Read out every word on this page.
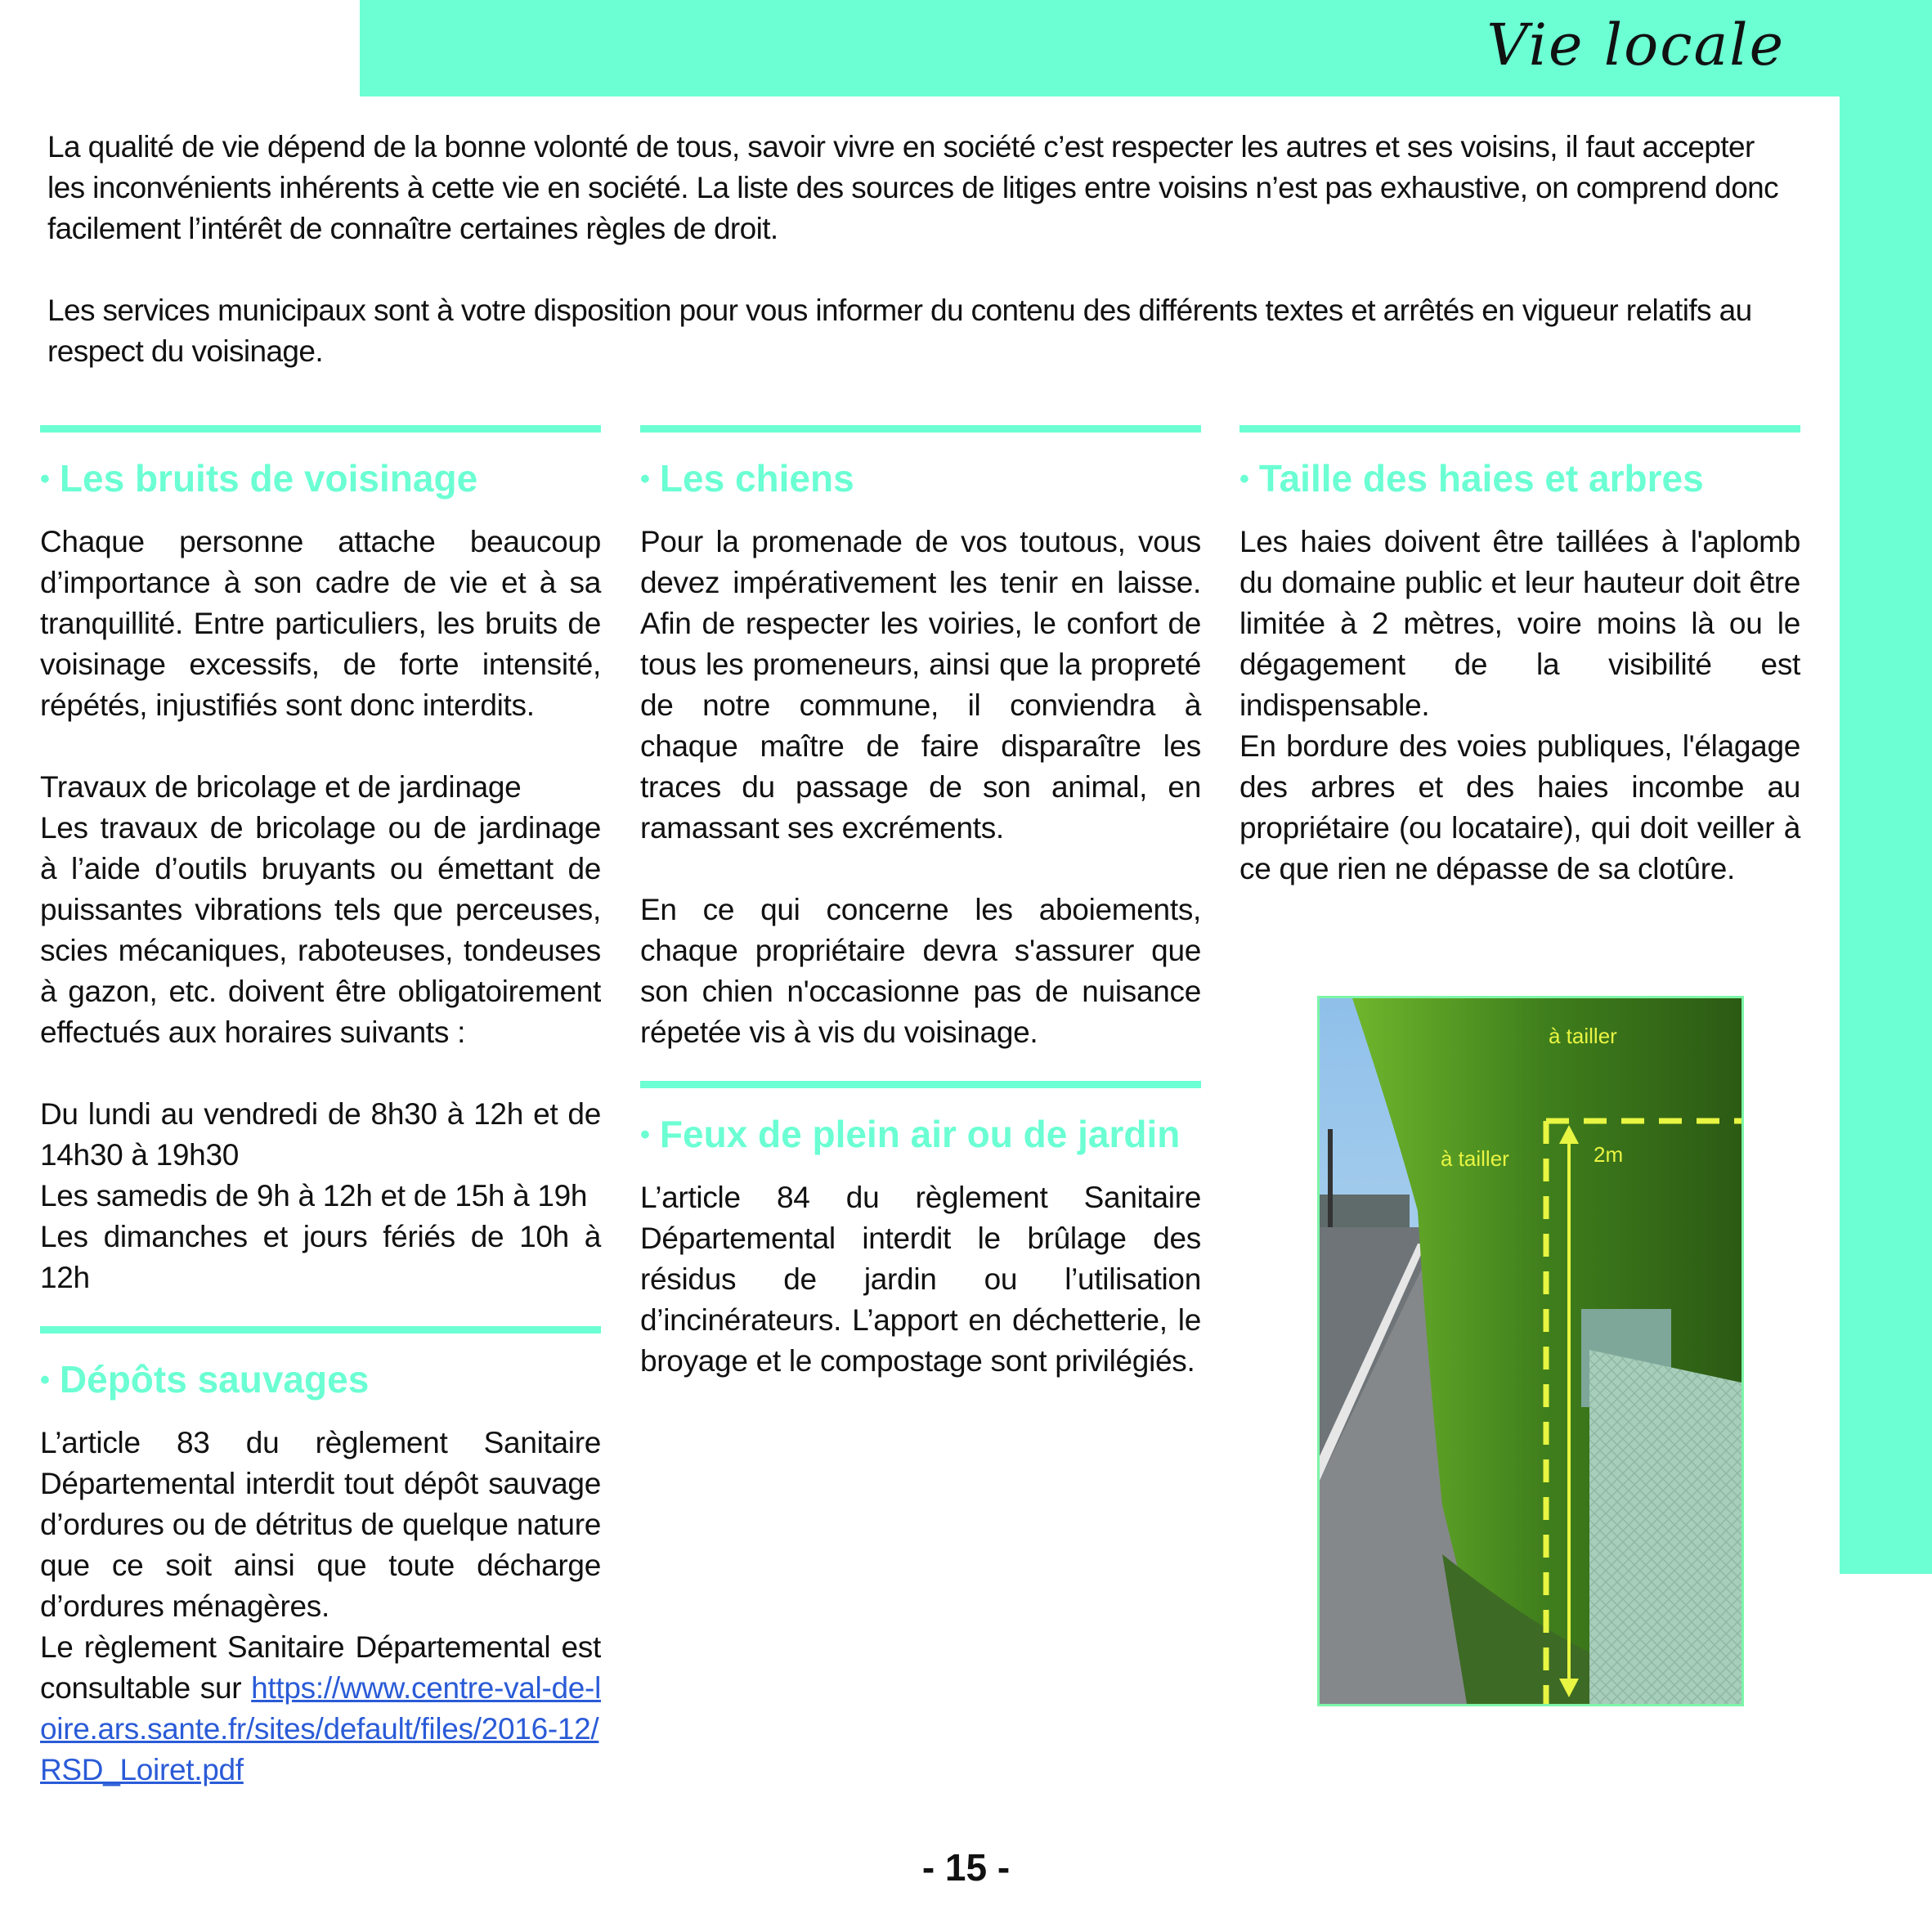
Vie locale

La qualité de vie dépend de la bonne volonté de tous, savoir vivre en société c’est respecter les autres et ses voisins, il faut accepter les inconvénients inhérents à cette vie en société. La liste des sources de litiges entre voisins n’est pas exhaustive, on comprend donc facilement l’intérêt de connaître certaines règles de droit.

Les services municipaux sont à votre disposition pour vous informer du contenu des différents textes et arrêtés en vigueur relatifs au respect du voisinage.

• Les bruits de voisinage

Chaque personne attache beaucoup d’importance à son cadre de vie et à sa tranquillité. Entre particuliers, les bruits de voisinage excessifs, de forte intensité, répétés, injustifiés sont donc interdits.

Travaux de bricolage et de jardinage

Les travaux de bricolage ou de jardinage à l’aide d’outils bruyants ou émettant de puissantes vibrations tels que perceuses, scies mécaniques, raboteuses, tondeuses à gazon, etc. doivent être obligatoirement effectués aux horaires suivants :

Du lundi au vendredi de 8h30 à 12h et de 14h30 à 19h30

Les samedis de 9h à 12h et de 15h à 19h

Les dimanches et jours fériés de 10h à 12h

• Dépôts sauvages

L’article 83 du règlement Sanitaire Départemental interdit tout dépôt sauvage d’ordures ou de détritus de quelque nature que ce soit ainsi que toute décharge d’ordures ménagères.

Le règlement Sanitaire Départemental est consultable sur https://www.centre-val-de-loire.ars.sante.fr/sites/default/files/2016-12/RSD_Loiret.pdf

• Les chiens

Pour la promenade de vos toutous, vous devez impérativement les tenir en laisse. Afin de respecter les voiries, le confort de tous les promeneurs, ainsi que la propreté de notre commune, il conviendra à chaque maître de faire disparaître les traces du passage de son animal, en ramassant ses excréments.

En ce qui concerne les aboiements, chaque propriétaire devra s'assurer que son chien n'occasionne pas de nuisance répetée vis à vis du voisinage.

• Feux de plein air ou de jardin

L’article 84 du règlement Sanitaire Départemental interdit le brûlage des résidus de jardin ou l’utilisation d’incinérateurs. L’apport en déchetterie, le broyage et le compostage sont privilégiés.

• Taille des haies et arbres

Les haies doivent être taillées à l'aplomb du domaine public et leur hauteur doit être limitée à 2 mètres, voire moins là ou le dégagement de la visibilité est indispensable.

En bordure des voies publiques, l'élagage des arbres et des haies incombe au propriétaire (ou locataire), qui doit veiller à ce que rien ne dépasse de sa clotûre.

à tailler
à tailler	2m
- 15 -
